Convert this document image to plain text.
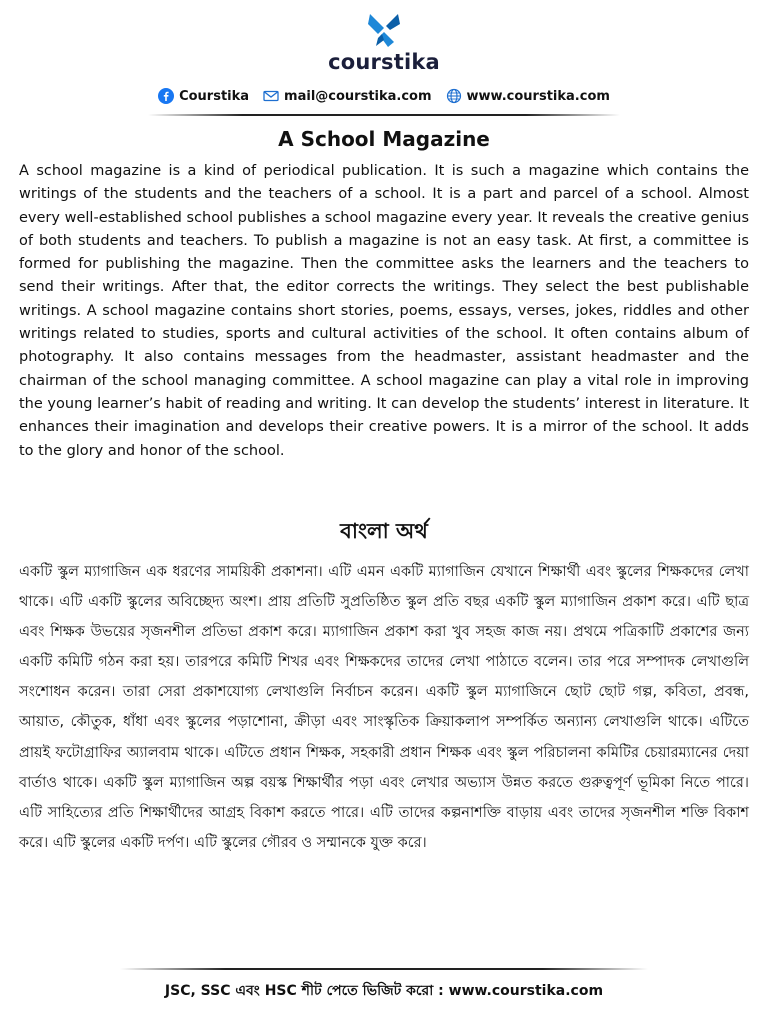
courstika
Courstika	mail@courstika.com	www.courstika.com
A School Magazine
A school magazine is a kind of periodical publication. It is such a magazine which contains the writings of the students and the teachers of a school. It is a part and parcel of a school. Almost every well-established school publishes a school magazine every year. It reveals the creative genius of both students and teachers. To publish a magazine is not an easy task. At first, a committee is formed for publishing the magazine. Then the committee asks the learners and the teachers to send their writings. After that, the editor corrects the writings. They select the best publishable writings. A school magazine contains short stories, poems, essays, verses, jokes, riddles and other writings related to studies, sports and cultural activities of the school. It often contains album of photography. It also contains messages from the headmaster, assistant headmaster and the chairman of the school managing committee. A school magazine can play a vital role in improving the young learner’s habit of reading and writing. It can develop the students’ interest in literature. It enhances their imagination and develops their creative powers. It is a mirror of the school. It adds to the glory and honor of the school.
বাংলা অর্থ
একটি স্কুল ম্যাগাজিন এক ধরণের সাময়িকী প্রকাশনা। এটি এমন একটি ম্যাগাজিন যেখানে শিক্ষার্থী এবং স্কুলের শিক্ষকদের লেখা থাকে। এটি একটি স্কুলের অবিচ্ছেদ্য অংশ। প্রায় প্রতিটি সুপ্রতিষ্ঠিত স্কুল প্রতি বছর একটি স্কুল ম্যাগাজিন প্রকাশ করে। এটি ছাত্র এবং শিক্ষক উভয়ের সৃজনশীল প্রতিভা প্রকাশ করে। ম্যাগাজিন প্রকাশ করা খুব সহজ কাজ নয়। প্রথমে পত্রিকাটি প্রকাশের জন্য একটি কমিটি গঠন করা হয়। তারপরে কমিটি শিখর এবং শিক্ষকদের তাদের লেখা পাঠাতে বলেন। তার পরে সম্পাদক লেখাগুলি সংশোধন করেন। তারা সেরা প্রকাশযোগ্য লেখাগুলি নির্বাচন করেন। একটি স্কুল ম্যাগাজিনে ছোট ছোট গল্প, কবিতা, প্রবন্ধ, আয়াত, কৌতুক, ধাঁধা এবং স্কুলের পড়াশোনা, ক্রীড়া এবং সাংস্কৃতিক ক্রিয়াকলাপ সম্পর্কিত অন্যান্য লেখাগুলি থাকে। এটিতে প্রায়ই ফটোগ্রাফির অ্যালবাম থাকে। এটিতে প্রধান শিক্ষক, সহকারী প্রধান শিক্ষক এবং স্কুল পরিচালনা কমিটির চেয়ারম্যানের দেয়া বার্তাও থাকে। একটি স্কুল ম্যাগাজিন অল্প বয়স্ক শিক্ষার্থীর পড়া এবং লেখার অভ্যাস উন্নত করতে গুরুত্বপূর্ণ ভূমিকা নিতে পারে। এটি সাহিত্যের প্রতি শিক্ষার্থীদের আগ্রহ বিকাশ করতে পারে। এটি তাদের কল্পনাশক্তি বাড়ায় এবং তাদের সৃজনশীল শক্তি বিকাশ করে। এটি স্কুলের একটি দর্পণ। এটি স্কুলের গৌরব ও সম্মানকে যুক্ত করে।
JSC, SSC এবং HSC শীট পেতে ভিজিট করো : www.courstika.com
